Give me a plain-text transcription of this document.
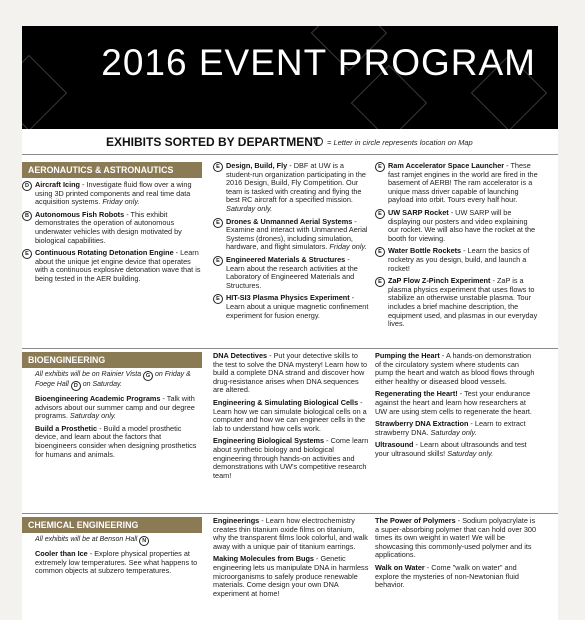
2016 EVENT PROGRAM
EXHIBITS SORTED BY DEPARTMENT = Letter in circle represents location on Map
AERONAUTICS & ASTRONAUTICS
D Aircraft Icing - Investigate fluid flow over a wing using 3D printed components and real time data acquisition systems. Friday only.
B Autonomous Fish Robots - This exhibit demonstrates the operation of autonomous underwater vehicles with design motivated by biological capabilities.
E Continuous Rotating Detonation Engine - Learn about the unique jet engine device that operates with a continuous explosive detonation wave that is being tested in the AER building.
E Design, Build, Fly - DBF at UW is a student-run organization participating in the 2016 Design, Build, Fly Competition. Our team is tasked with creating and flying the best RC aircraft for a specified mission. Saturday only.
E Drones & Unmanned Aerial Systems - Examine and interact with Unmanned Aerial Systems (drones), including simulation, hardware, and flight simulators. Friday only.
E Engineered Materials & Structures - Learn about the research activities at the Laboratory of Engineered Materials and Structures.
E HIT-SI3 Plasma Physics Experiment - Learn about a unique magnetic confinement experiment for fusion energy.
E Ram Accelerator Space Launcher - These fast ramjet engines in the world are fired in the basement of AERB! The ram accelerator is a unique mass driver capable of launching payload into orbit. Tours every half hour.
E UW SARP Rocket - UW SARP will be displaying our posters and video explaining our rocket. We will also have the rocket at the booth for viewing.
E Water Bottle Rockets - Learn the basics of rocketry as you design, build, and launch a rocket!
E ZaP Flow Z-Pinch Experiment - ZaP is a plasma physics experiment that uses flows to stabilize an otherwise unstable plasma. Tour includes a brief machine description, the equipment used, and plasmas in our everyday lives.
BIOENGINEERING
All exhibits will be on Rainier Vista G on Friday & Foege Hall D on Saturday.
Bioengineering Academic Programs - Talk with advisors about our summer camp and our degree programs. Saturday only.
Build a Prosthetic - Build a model prosthetic device, and learn about the factors that bioengineers consider when designing prosthetics for humans and animals.
DNA Detectives - Put your detective skills to the test to solve the DNA mystery! Learn how to build a complete DNA strand and discover how drug-resistance arises when DNA sequences are altered.
Engineering & Simulating Biological Cells - Learn how we can simulate biological cells on a computer and how we can engineer cells in the lab to understand how cells work.
Engineering Biological Systems - Come learn about synthetic biology and biological engineering through hands-on activities and demonstrations with UW's competitive research team!
Pumping the Heart - A hands-on demonstration of the circulatory system where students can pump the heart and watch as blood flows through either healthy or diseased blood vessels.
Regenerating the Heart! - Test your endurance against the heart and learn how researchers at UW are using stem cells to regenerate the heart.
Strawberry DNA Extraction - Learn to extract strawberry DNA. Saturday only.
Ultrasound - Learn about ultrasounds and test your ultrasound skills! Saturday only.
CHEMICAL ENGINEERING
All exhibits will be at Benson Hall N
Cooler than Ice - Explore physical properties at extremely low temperatures. See what happens to common objects at subzero temperatures.
Engineerings - Learn how electrochemistry creates thin titanium oxide films on titanium, why the transparent films look colorful, and walk away with a unique pair of titanium earrings.
Making Molecules from Bugs - Genetic engineering lets us manipulate DNA in harmless microorganisms to safely produce renewable materials. Come design your own DNA experiment at home!
The Power of Polymers - Sodium polyacrylate is a super-absorbing polymer that can hold over 300 times its own weight in water! We will be showcasing this commonly-used polymer and its applications.
Walk on Water - Come "walk on water" and explore the mysteries of non-Newtonian fluid behavior.
